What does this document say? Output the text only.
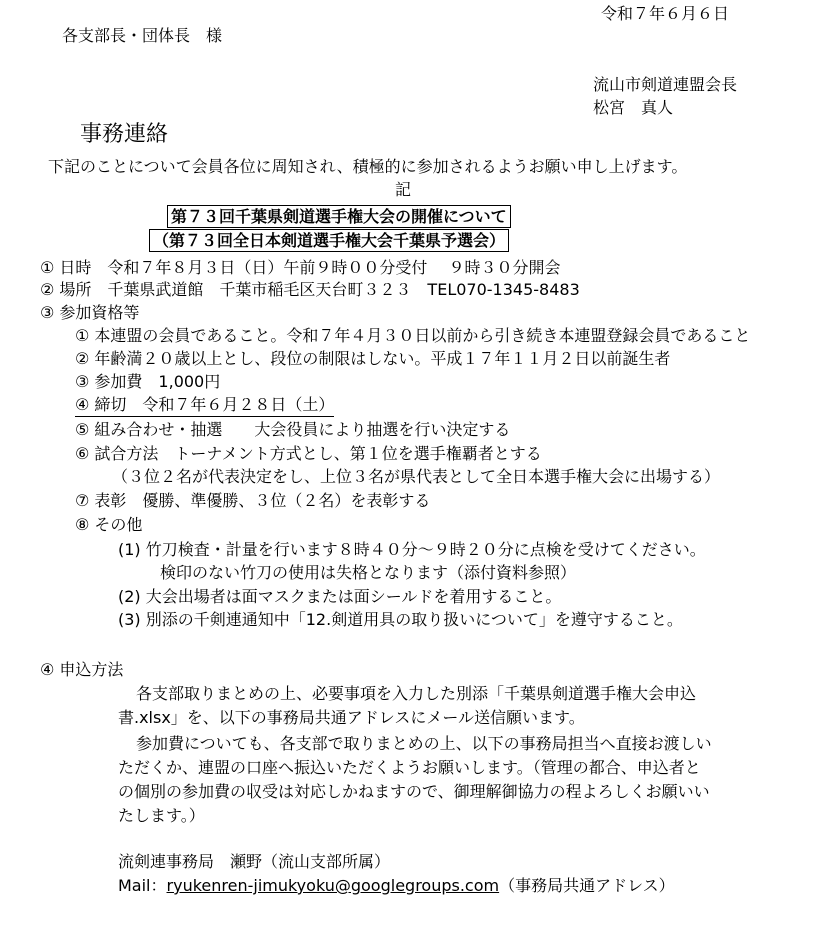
令和７年６月６日
各支部長・団体長　様
流山市剣道連盟会長
松宮　真人
事務連絡
下記のことについて会員各位に周知され、積極的に参加されるようお願い申し上げます。
記
第７３回千葉県剣道選手権大会の開催について
（第７３回全日本剣道選手権大会千葉県予選会）
① 日時　令和７年８月３日（日）午前９時００分受付　 ９時３０分開会
② 場所　千葉県武道館　千葉市稲毛区天台町３２３　TEL070-1345-8483
③ 参加資格等
① 本連盟の会員であること。令和７年４月３０日以前から引き続き本連盟登録会員であること
② 年齢満２０歳以上とし、段位の制限はしない。平成１７年１１月２日以前誕生者
③ 参加費　1,000円
④ 締切　令和７年６月２８日（土）
⑤ 組み合わせ・抽選　　大会役員により抽選を行い決定する
⑥ 試合方法　トーナメント方式とし、第１位を選手権覇者とする
（３位２名が代表決定をし、上位３名が県代表として全日本選手権大会に出場する）
⑦ 表彰　優勝、準優勝、３位（２名）を表彰する
⑧ その他
(1) 竹刀検査・計量を行います８時４０分～９時２０分に点検を受けてください。
検印のない竹刀の使用は失格となります（添付資料参照）
(2) 大会出場者は面マスクまたは面シールドを着用すること。
(3) 別添の千剣連通知中「12.剣道用具の取り扱いについて」を遵守すること。
④ 申込方法
各支部取りまとめの上、必要事項を入力した別添「千葉県剣道選手権大会申込
書.xlsx」を、以下の事務局共通アドレスにメール送信願います。
参加費についても、各支部で取りまとめの上、以下の事務局担当へ直接お渡しい
ただくか、連盟の口座へ振込いただくようお願いします。（管理の都合、申込者と
の個別の参加費の収受は対応しかねますので、御理解御協力の程よろしくお願いい
たします。）
流剣連事務局　瀬野（流山支部所属）
Mail：ryukenren-jimukyoku@googlegroups.com（事務局共通アドレス）
